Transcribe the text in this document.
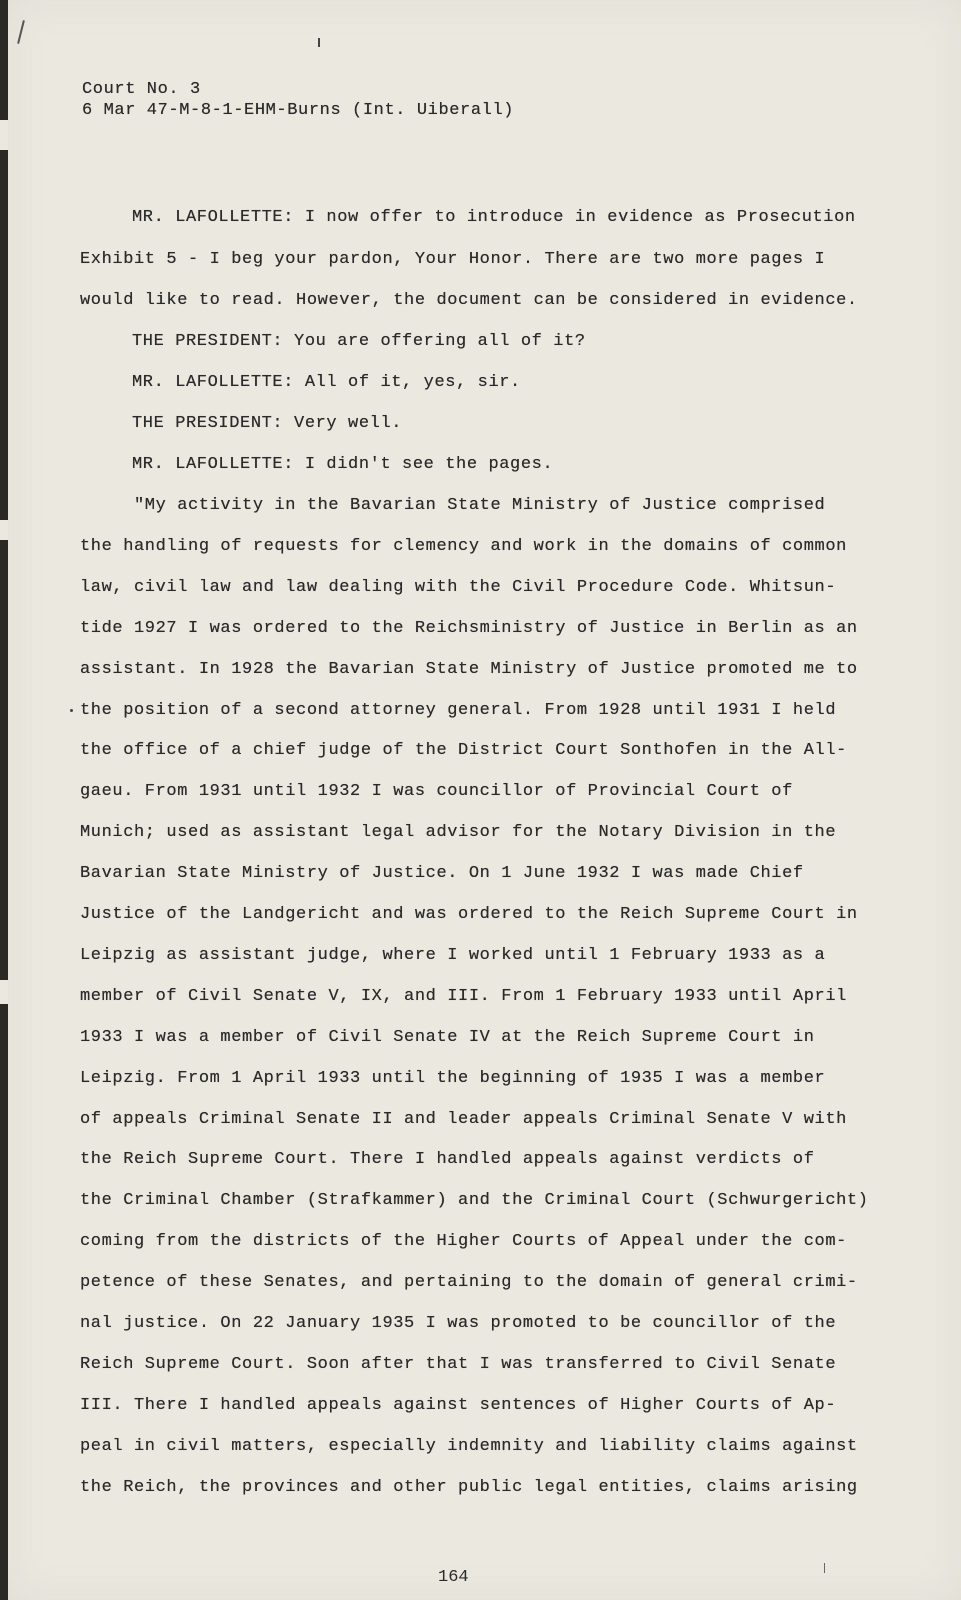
Court No. 3
6 Mar 47-M-8-1-EHM-Burns (Int. Uiberall)
MR. LAFOLLETTE: I now offer to introduce in evidence as Prosecution
Exhibit 5 - I beg your pardon, Your Honor. There are two more pages I
would like to read. However, the document can be considered in evidence.
THE PRESIDENT: You are offering all of it?
MR. LAFOLLETTE: All of it, yes, sir.
THE PRESIDENT: Very well.
MR. LAFOLLETTE: I didn't see the pages.
"My activity in the Bavarian State Ministry of Justice comprised
the handling of requests for clemency and work in the domains of common
law, civil law and law dealing with the Civil Procedure Code. Whitsun-
tide 1927 I was ordered to the Reichsministry of Justice in Berlin as an
assistant. In 1928 the Bavarian State Ministry of Justice promoted me to
the position of a second attorney general. From 1928 until 1931 I held
the office of a chief judge of the District Court Sonthofen in the All-
gaeu. From 1931 until 1932 I was councillor of Provincial Court of
Munich; used as assistant legal advisor for the Notary Division in the
Bavarian State Ministry of Justice. On 1 June 1932 I was made Chief
Justice of the Landgericht and was ordered to the Reich Supreme Court in
Leipzig as assistant judge, where I worked until 1 February 1933 as a
member of Civil Senate V, IX, and III. From 1 February 1933 until April
1933 I was a member of Civil Senate IV at the Reich Supreme Court in
Leipzig. From 1 April 1933 until the beginning of 1935 I was a member
of appeals Criminal Senate II and leader appeals Criminal Senate V with
the Reich Supreme Court. There I handled appeals against verdicts of
the Criminal Chamber (Strafkammer) and the Criminal Court (Schwurgericht)
coming from the districts of the Higher Courts of Appeal under the com-
petence of these Senates, and pertaining to the domain of general crimi-
nal justice. On 22 January 1935 I was promoted to be councillor of the
Reich Supreme Court. Soon after that I was transferred to Civil Senate
III. There I handled appeals against sentences of Higher Courts of Ap-
peal in civil matters, especially indemnity and liability claims against
the Reich, the provinces and other public legal entities, claims arising
164
